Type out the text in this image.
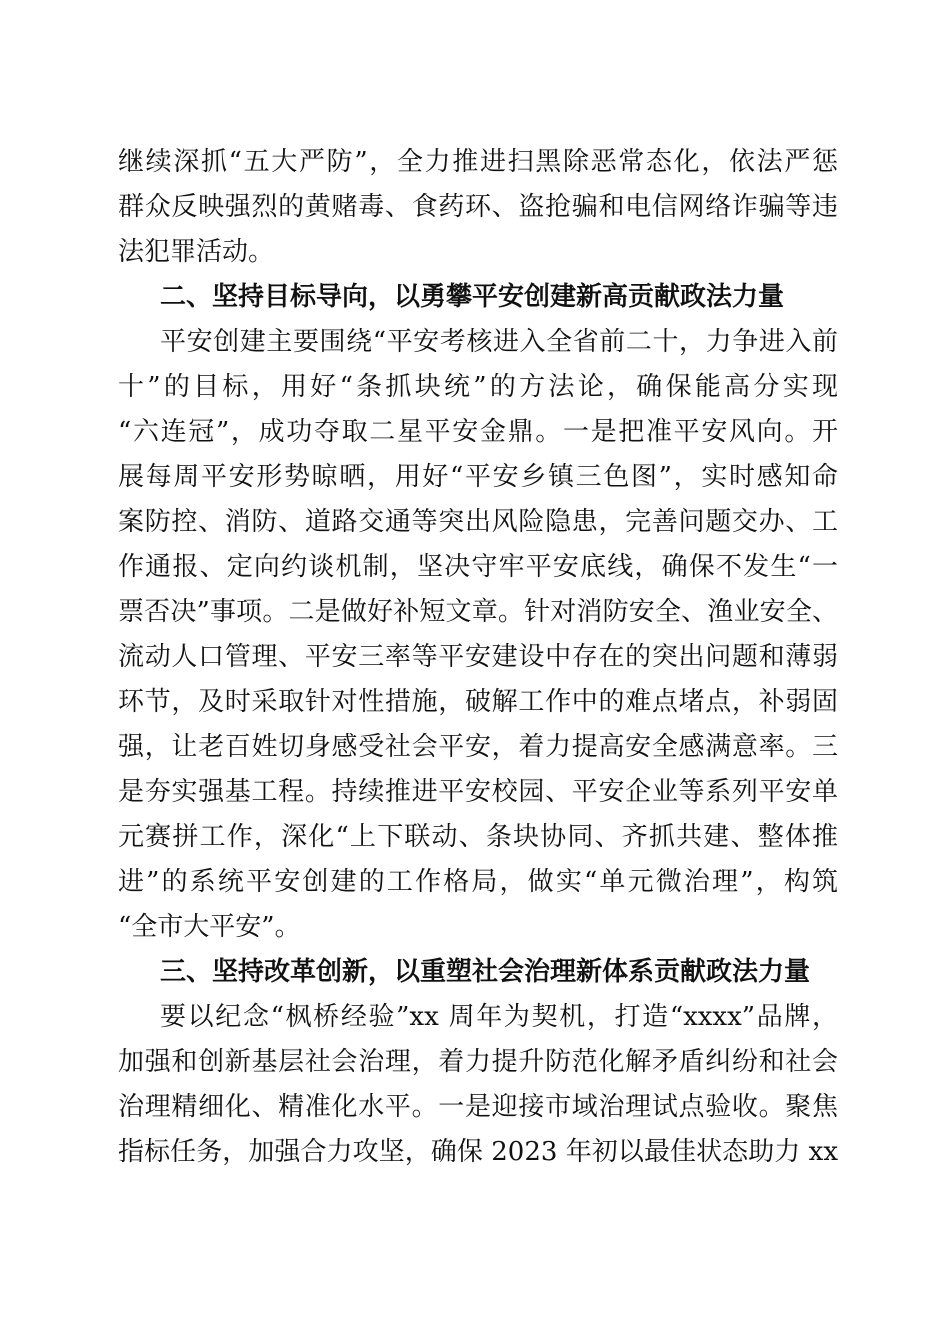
继续深抓“五大严防”，全力推进扫黑除恶常态化，依法严惩
群众反映强烈的黄赌毒、食药环、盗抢骗和电信网络诈骗等违
法犯罪活动。
二、坚持目标导向，以勇攀平安创建新高贡献政法力量
平安创建主要围绕“平安考核进入全省前二十，力争进入前
十”的目标，用好“条抓块统”的方法论，确保能高分实现
“六连冠”，成功夺取二星平安金鼎。一是把准平安风向。开
展每周平安形势晾晒，用好“平安乡镇三色图”，实时感知命
案防控、消防、道路交通等突出风险隐患，完善问题交办、工
作通报、定向约谈机制，坚决守牢平安底线，确保不发生“一
票否决”事项。二是做好补短文章。针对消防安全、渔业安全、
流动人口管理、平安三率等平安建设中存在的突出问题和薄弱
环节，及时采取针对性措施，破解工作中的难点堵点，补弱固
强，让老百姓切身感受社会平安，着力提高安全感满意率。三
是夯实强基工程。持续推进平安校园、平安企业等系列平安单
元赛拼工作，深化“上下联动、条块协同、齐抓共建、整体推
进”的系统平安创建的工作格局，做实“单元微治理”，构筑
“全市大平安”。
三、坚持改革创新，以重塑社会治理新体系贡献政法力量
要以纪念“枫桥经验”xx 周年为契机，打造“xxxx”品牌，
加强和创新基层社会治理，着力提升防范化解矛盾纠纷和社会
治理精细化、精准化水平。一是迎接市域治理试点验收。聚焦
指标任务，加强合力攻坚，确保 2023 年初以最佳状态助力 xx
